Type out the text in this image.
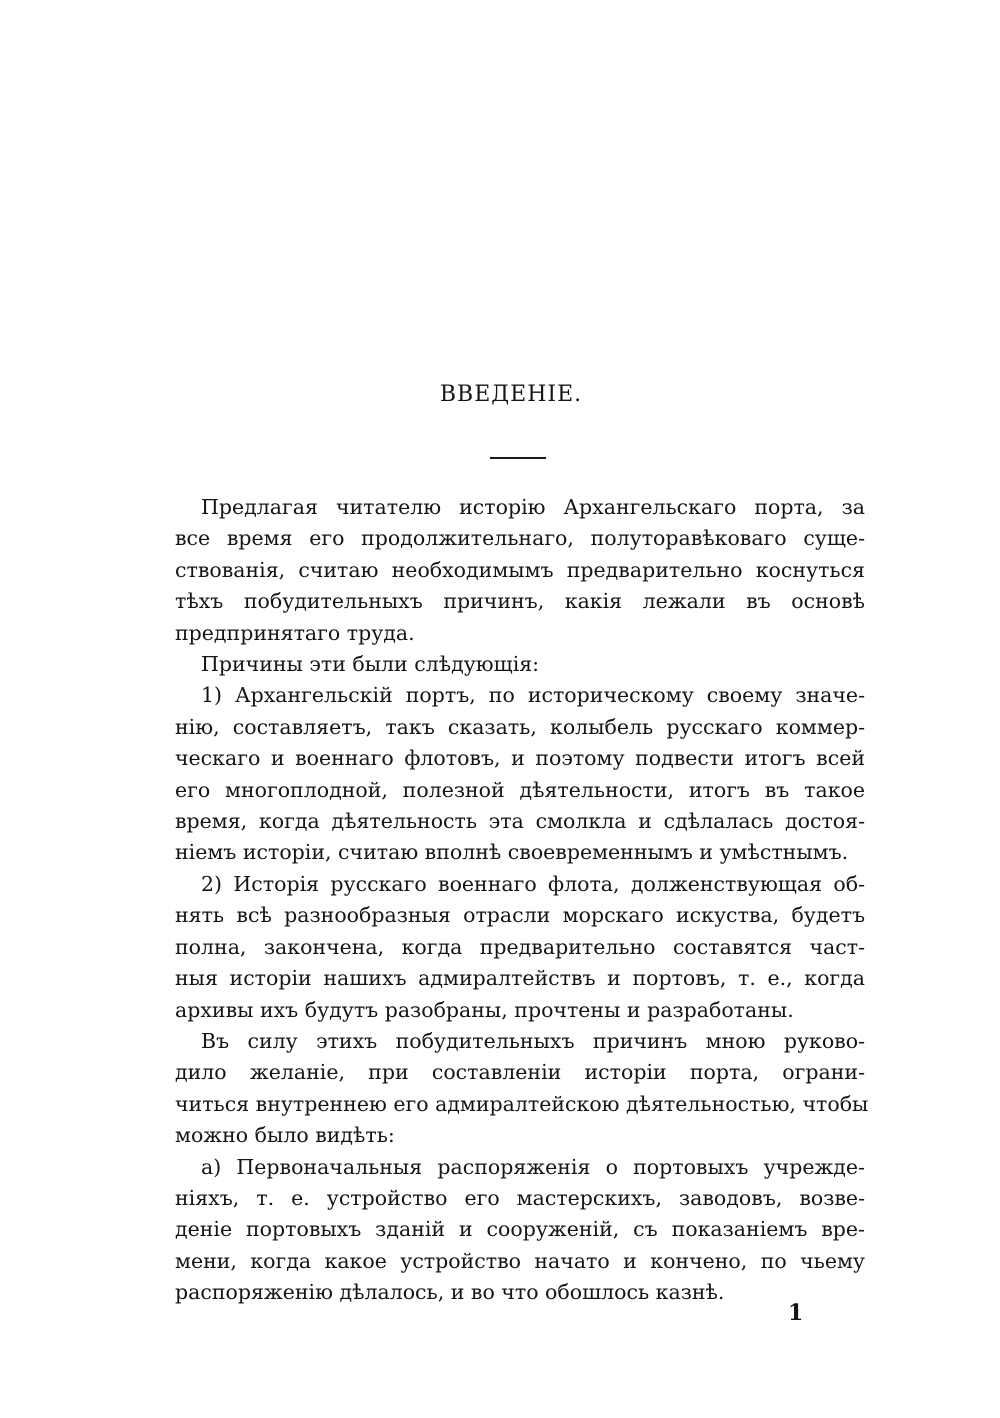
ВВЕДЕНІЕ.
Предлагая читателю исторію Архангельскаго порта, за
все время его продолжительнаго, полуторавѣковаго суще-
ствованія, считаю необходимымъ предварительно коснуться
тѣхъ побудительныхъ причинъ, какія лежали въ основѣ
предпринятаго труда.
Причины эти были слѣдующія:
1) Архангельскій портъ, по историческому своему значе-
нію, составляетъ, такъ сказать, колыбель русскаго коммер-
ческаго и военнаго флотовъ, и поэтому подвести итогъ всей
его многоплодной, полезной дѣятельности, итогъ въ такое
время, когда дѣятельность эта смолкла и сдѣлалась достоя-
ніемъ исторіи, считаю вполнѣ своевременнымъ и умѣстнымъ.
2) Исторія русскаго военнаго флота, долженствующая об-
нять всѣ разнообразныя отрасли морскаго искуства, будетъ
полна, закончена, когда предварительно составятся част-
ныя исторіи нашихъ адмиралтействъ и портовъ, т. е., когда
архивы ихъ будутъ разобраны, прочтены и разработаны.
Въ силу этихъ побудительныхъ причинъ мною руково-
дило желаніе, при составленіи исторіи порта, ограни-
читься внутреннею его адмиралтейскою дѣятельностью, чтобы
можно было видѣть:
а) Первоначальныя распоряженія о портовыхъ учрежде-
ніяхъ, т. е. устройство его мастерскихъ, заводовъ, возве-
деніе портовыхъ зданій и сооруженій, съ показаніемъ вре-
мени, когда какое устройство начато и кончено, по чьему
распоряженію дѣлалось, и во что обошлось казнѣ.
1
